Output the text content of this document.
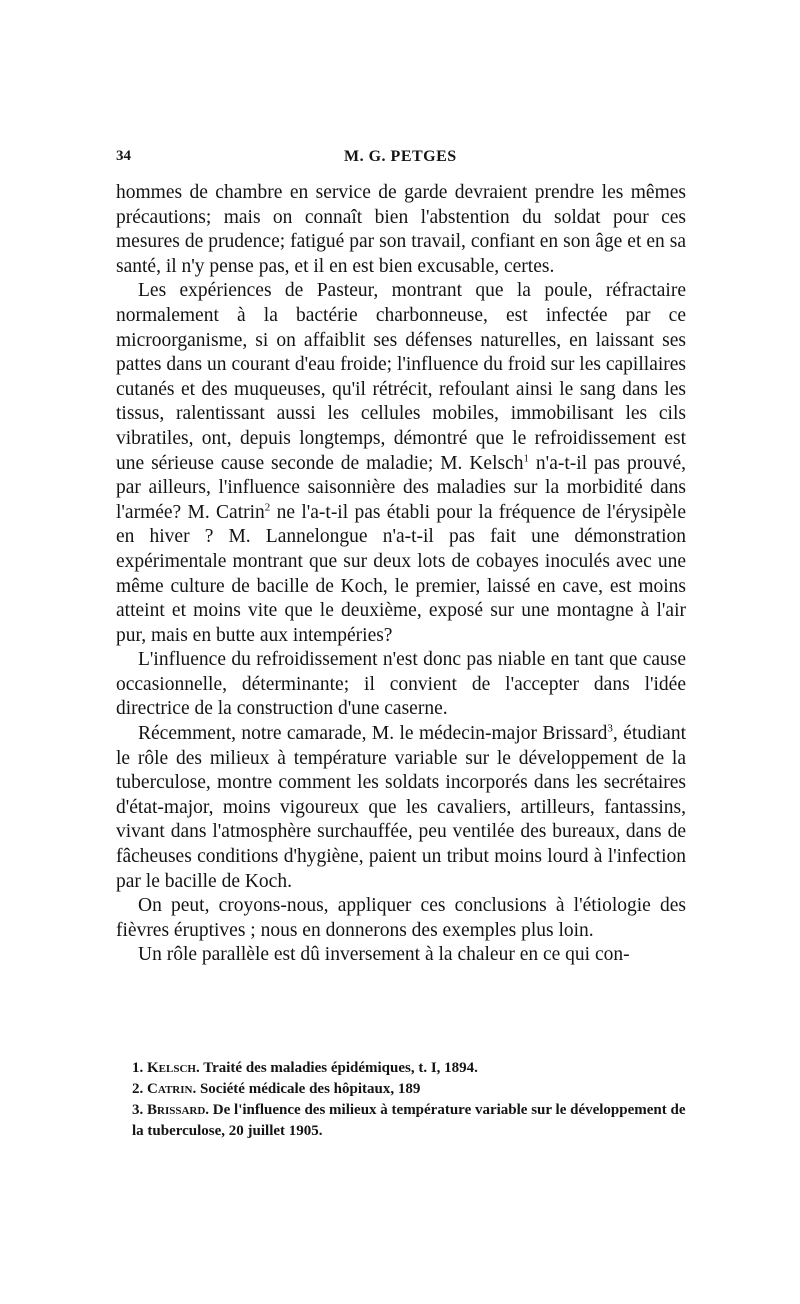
34	M. G. PETGES

hommes de chambre en service de garde devraient prendre les mêmes précautions; mais on connaît bien l'abstention du soldat pour ces mesures de prudence; fatigué par son travail, confiant en son âge et en sa santé, il n'y pense pas, et il en est bien excusable, certes.

Les expériences de Pasteur, montrant que la poule, réfractaire normalement à la bactérie charbonneuse, est infectée par ce microorganisme, si on affaiblit ses défenses naturelles, en laissant ses pattes dans un courant d'eau froide; l'influence du froid sur les capillaires cutanés et des muqueuses, qu'il rétrécit, refoulant ainsi le sang dans les tissus, ralentissant aussi les cellules mobiles, immobilisant les cils vibratiles, ont, depuis longtemps, démontré que le refroidissement est une sérieuse cause seconde de maladie; M. Kelsch$^1$ n'a-t-il pas prouvé, par ailleurs, l'influence saisonnière des maladies sur la morbidité dans l'armée? M. Catrin$^2$ ne l'a-t-il pas établi pour la fréquence de l'érysipèle en hiver ? M. Lannelongue n'a-t-il pas fait une démonstration expérimentale montrant que sur deux lots de cobayes inoculés avec une même culture de bacille de Koch, le premier, laissé en cave, est moins atteint et moins vite que le deuxième, exposé sur une montagne à l'air pur, mais en butte aux intempéries?

L'influence du refroidissement n'est donc pas niable en tant que cause occasionnelle, déterminante; il convient de l'accepter dans l'idée directrice de la construction d'une caserne.

Récemment, notre camarade, M. le médecin-major Brissard$^3$, étudiant le rôle des milieux à température variable sur le développement de la tuberculose, montre comment les soldats incorporés dans les secrétaires d'état-major, moins vigoureux que les cavaliers, artilleurs, fantassins, vivant dans l'atmosphère surchauffée, peu ventilée des bureaux, dans de fâcheuses conditions d'hygiène, paient un tribut moins lourd à l'infection par le bacille de Koch.

On peut, croyons-nous, appliquer ces conclusions à l'étiologie des fièvres éruptives ; nous en donnerons des exemples plus loin.

Un rôle parallèle est dû inversement à la chaleur en ce qui con-

1. Kelsch. Traité des maladies épidémiques, t. I, 1894.

2. Catrin. Société médicale des hôpitaux, 189

3. Brissard. De l'influence des milieux à température variable sur le développement de la tuberculose, 20 juillet 1905.
